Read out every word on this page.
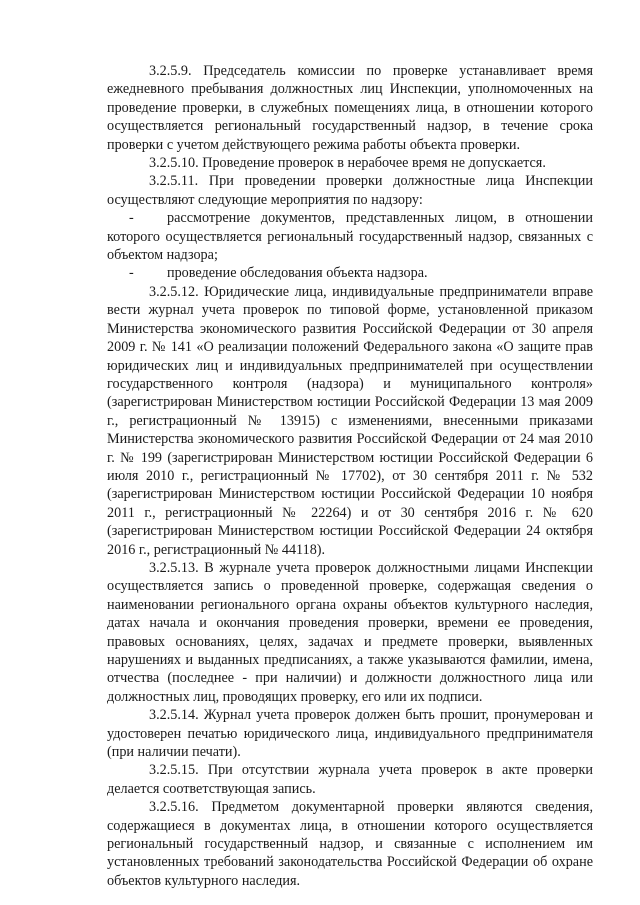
3.2.5.9. Председатель комиссии по проверке устанавливает время ежедневного пребывания должностных лиц Инспекции, уполномоченных на проведение проверки, в служебных помещениях лица, в отношении которого осуществляется региональный государственный надзор, в течение срока проверки с учетом действующего режима работы объекта проверки.

3.2.5.10. Проведение проверок в нерабочее время не допускается.

3.2.5.11. При проведении проверки должностные лица Инспекции осуществляют следующие мероприятия по надзору:

- рассмотрение документов, представленных лицом, в отношении которого осуществляется региональный государственный надзор, связанных с объектом надзора;

- проведение обследования объекта надзора.

3.2.5.12. Юридические лица, индивидуальные предприниматели вправе вести журнал учета проверок по типовой форме, установленной приказом Министерства экономического развития Российской Федерации от 30 апреля 2009 г. № 141 «О реализации положений Федерального закона «О защите прав юридических лиц и индивидуальных предпринимателей при осуществлении государственного контроля (надзора) и муниципального контроля» (зарегистрирован Министерством юстиции Российской Федерации 13 мая 2009 г., регистрационный № 13915) с изменениями, внесенными приказами Министерства экономического развития Российской Федерации от 24 мая 2010 г. № 199 (зарегистрирован Министерством юстиции Российской Федерации 6 июля 2010 г., регистрационный № 17702), от 30 сентября 2011 г. № 532 (зарегистрирован Министерством юстиции Российской Федерации 10 ноября 2011 г., регистрационный № 22264) и от 30 сентября 2016 г. № 620 (зарегистрирован Министерством юстиции Российской Федерации 24 октября 2016 г., регистрационный № 44118).

3.2.5.13. В журнале учета проверок должностными лицами Инспекции осуществляется запись о проведенной проверке, содержащая сведения о наименовании регионального органа охраны объектов культурного наследия, датах начала и окончания проведения проверки, времени ее проведения, правовых основаниях, целях, задачах и предмете проверки, выявленных нарушениях и выданных предписаниях, а также указываются фамилии, имена, отчества (последнее - при наличии) и должности должностного лица или должностных лиц, проводящих проверку, его или их подписи.

3.2.5.14. Журнал учета проверок должен быть прошит, пронумерован и удостоверен печатью юридического лица, индивидуального предпринимателя (при наличии печати).

3.2.5.15. При отсутствии журнала учета проверок в акте проверки делается соответствующая запись.

3.2.5.16. Предметом документарной проверки являются сведения, содержащиеся в документах лица, в отношении которого осуществляется региональный государственный надзор, и связанные с исполнением им установленных требований законодательства Российской Федерации об охране объектов культурного наследия.
